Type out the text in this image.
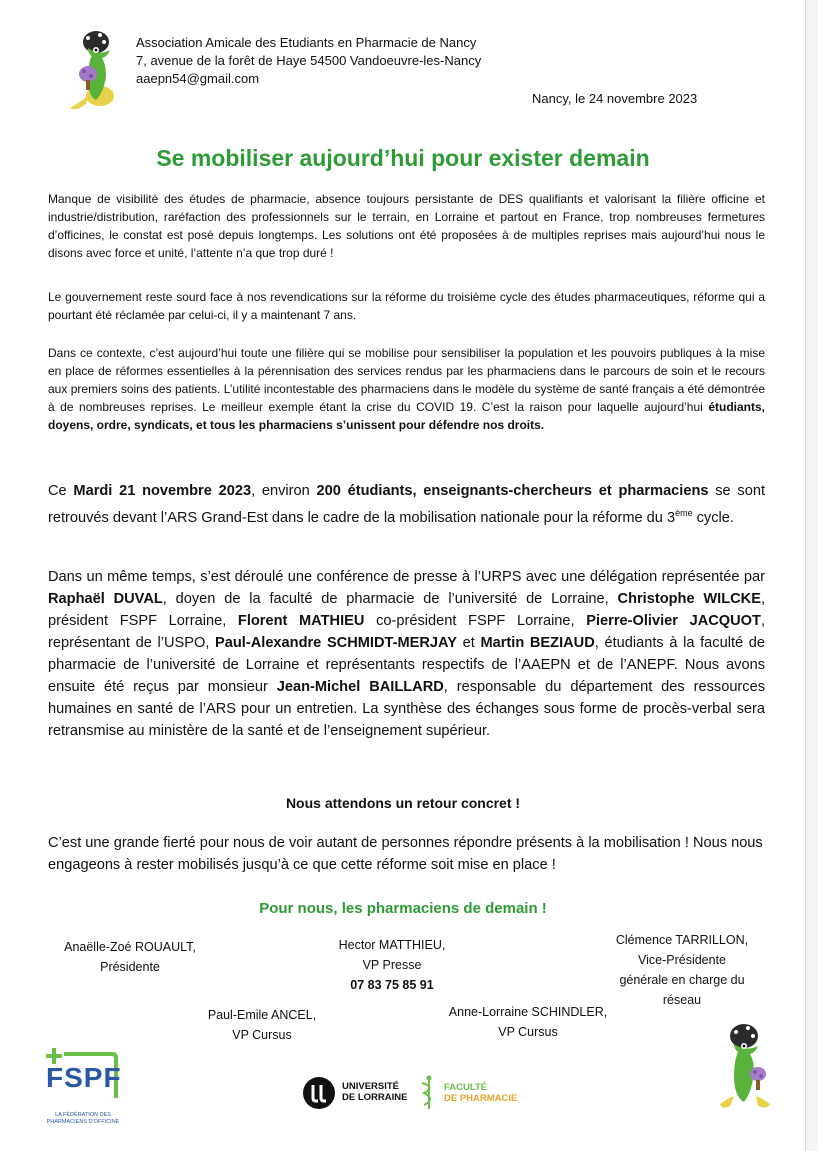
Association Amicale des Etudiants en Pharmacie de Nancy
7, avenue de la forêt de Haye 54500 Vandoeuvre-les-Nancy
aaepn54@gmail.com
Nancy, le 24 novembre 2023
Se mobiliser aujourd’hui pour exister demain
Manque de visibilité des études de pharmacie, absence toujours persistante de DES qualifiants et valorisant la filière officine et industrie/distribution, raréfaction des professionnels sur le terrain, en Lorraine et partout en France, trop nombreuses fermetures d’officines, le constat est posé depuis longtemps. Les solutions ont été proposées à de multiples reprises mais aujourd’hui nous le disons avec force et unité, l’attente n’a que trop duré !
Le gouvernement reste sourd face à nos revendications sur la réforme du troisième cycle des études pharmaceutiques, réforme qui a pourtant été réclamée par celui-ci, il y a maintenant 7 ans.
Dans ce contexte, c’est aujourd’hui toute une filière qui se mobilise pour sensibiliser la population et les pouvoirs publiques à la mise en place de réformes essentielles à la pérennisation des services rendus par les pharmaciens dans le parcours de soin et le recours aux premiers soins des patients. L’utilité incontestable des pharmaciens dans le modèle du système de santé français a été démontrée à de nombreuses reprises. Le meilleur exemple étant la crise du COVID 19. C’est la raison pour laquelle aujourd’hui étudiants, doyens, ordre, syndicats, et tous les pharmaciens s’unissent pour défendre nos droits.
Ce Mardi 21 novembre 2023, environ 200 étudiants, enseignants-chercheurs et pharmaciens se sont retrouvés devant l’ARS Grand-Est dans le cadre de la mobilisation nationale pour la réforme du 3ème cycle.
Dans un même temps, s’est déroulé une conférence de presse à l’URPS avec une délégation représentée par Raphaël DUVAL, doyen de la faculté de pharmacie de l’université de Lorraine, Christophe WILCKE, président FSPF Lorraine, Florent MATHIEU co-président FSPF Lorraine, Pierre-Olivier JACQUOT, représentant de l’USPO, Paul-Alexandre SCHMIDT-MERJAY et Martin BEZIAUD, étudiants à la faculté de pharmacie de l’université de Lorraine et représentants respectifs de l’AAEPN et de l’ANEPF. Nous avons ensuite été reçus par monsieur Jean-Michel BAILLARD, responsable du département des ressources humaines en santé de l’ARS pour un entretien. La synthèse des échanges sous forme de procès-verbal sera retransmise au ministère de la santé et de l’enseignement supérieur.
Nous attendons un retour concret !
C’est une grande fierté pour nous de voir autant de personnes répondre présents à la mobilisation ! Nous nous engageons à rester mobilisés jusqu’à ce que cette réforme soit mise en place !
Pour nous, les pharmaciens de demain !
Anaëlle-Zoé ROUAULT,
Présidente
Hector MATTHIEU,
VP Presse
07 83 75 85 91
Clémence TARRILLON,
Vice-Présidente
générale en charge du
réseau
Paul-Emile ANCEL,
VP Cursus
Anne-Lorraine SCHINDLER,
VP Cursus
FSPF
LA FÉDÉRATION DES
PHARMACIENS D’OFFICINE
UNIVERSITÉ
DE LORRAINE
FACULTÉ
DE PHARMACIE
